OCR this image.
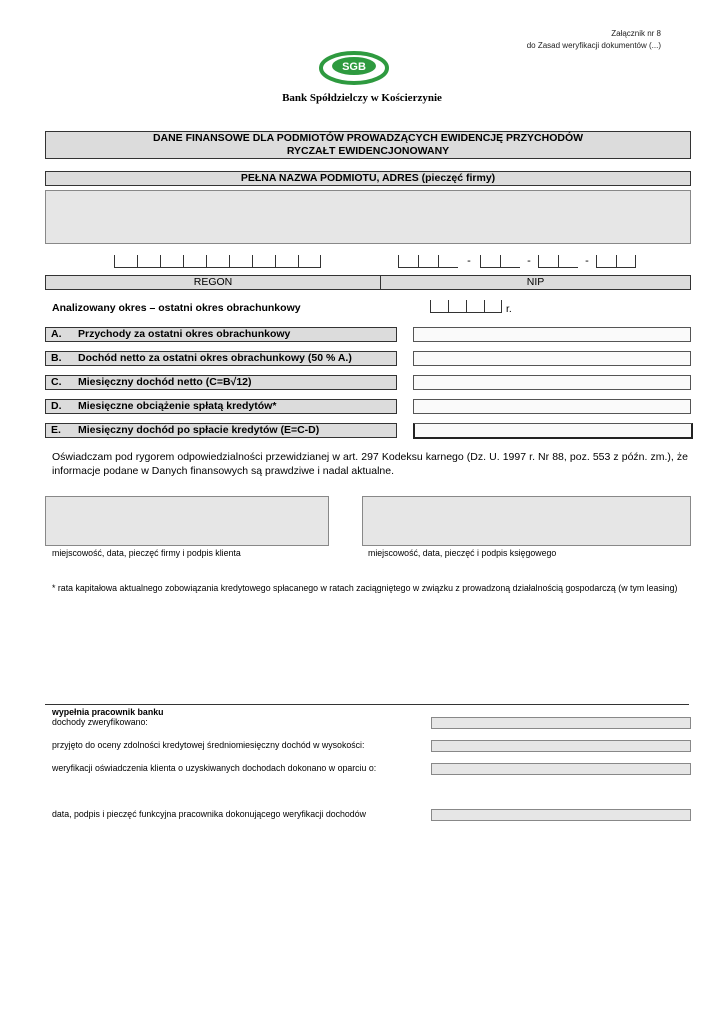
Załącznik nr 8
do Zasad weryfikacji dokumentów (...)
SGB
Bank Spółdzielczy w Kościerzynie
DANE FINANSOWE DLA PODMIOTÓW PROWADZĄCYCH EWIDENCJĘ PRZYCHODÓW
RYCZAŁT EWIDENCJONOWANY
PEŁNA NAZWA PODMIOTU, ADRES (pieczęć firmy)
-	-	-
REGON	NIP
Analizowany okres – ostatni okres obrachunkowy	r.
A. Przychody za ostatni okres obrachunkowy
B. Dochód netto za ostatni okres obrachunkowy (50 % A.)
C. Miesięczny dochód netto (C=B√12)
D. Miesięczne obciążenie spłatą kredytów*
E. Miesięczny dochód po spłacie kredytów (E=C-D)
Oświadczam pod rygorem odpowiedzialności przewidzianej w art. 297 Kodeksu karnego (Dz. U. 1997 r. Nr 88, poz. 553 z późn. zm.), że informacje podane w Danych finansowych są prawdziwe i nadal aktualne.
miejscowość, data, pieczęć firmy i podpis klienta	miejscowość, data, pieczęć i podpis księgowego
* rata kapitałowa aktualnego zobowiązania kredytowego spłacanego w ratach zaciągniętego w związku z prowadzoną działalnością gospodarczą (w tym leasing)
wypełnia pracownik banku
dochody zweryfikowano:
przyjęto do oceny zdolności kredytowej średniomiesięczny dochód w wysokości:
weryfikacji oświadczenia klienta o uzyskiwanych dochodach dokonano w oparciu o:
data, podpis i pieczęć funkcyjna pracownika dokonującego weryfikacji dochodów
